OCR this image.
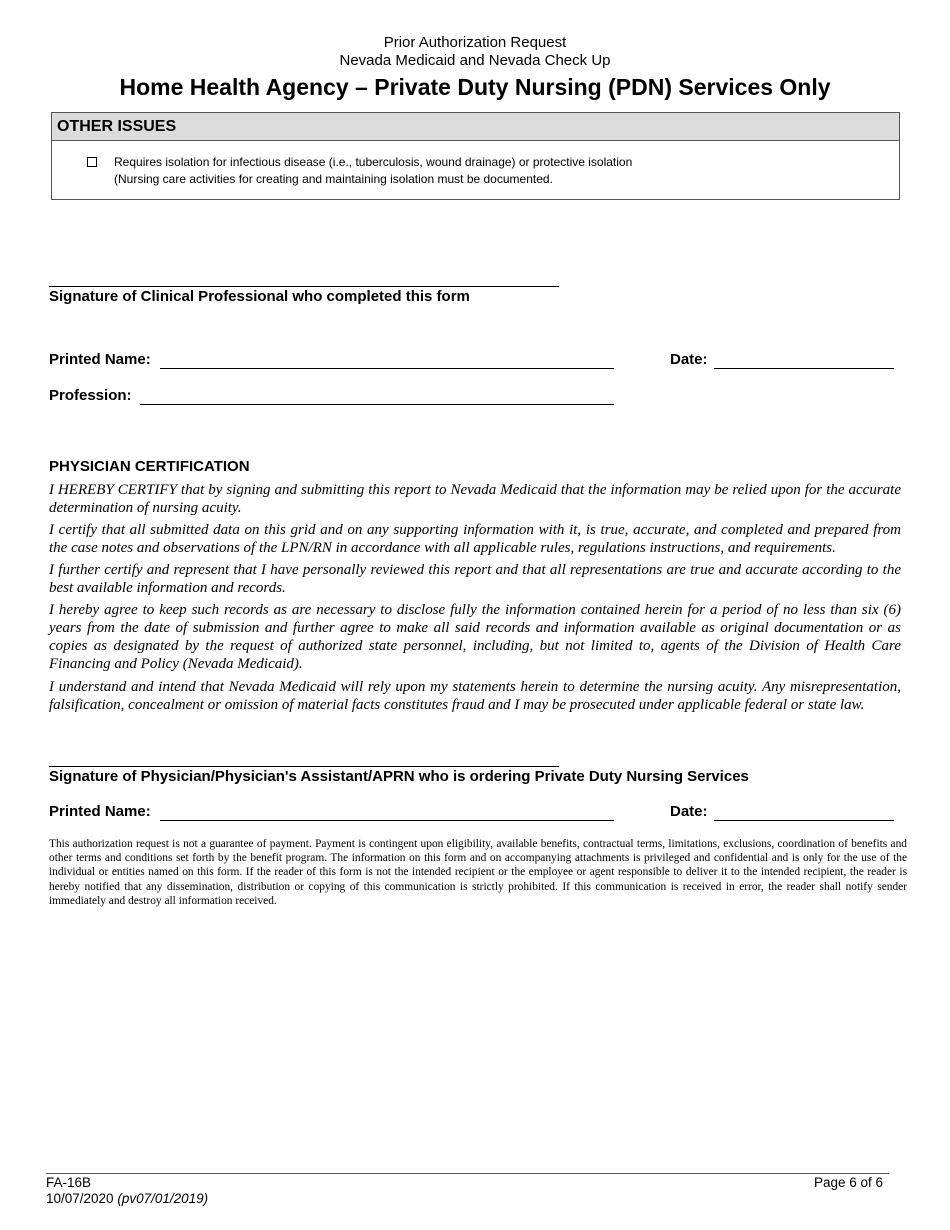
Prior Authorization Request
Nevada Medicaid and Nevada Check Up
Home Health Agency – Private Duty Nursing (PDN) Services Only
OTHER ISSUES
Requires isolation for infectious disease (i.e., tuberculosis, wound drainage) or protective isolation
(Nursing care activities for creating and maintaining isolation must be documented.
Signature of Clinical Professional who completed this form
Printed Name:	Date:
Profession:
PHYSICIAN CERTIFICATION
I HEREBY CERTIFY that by signing and submitting this report to Nevada Medicaid that the information may be relied upon for the accurate determination of nursing acuity.
I certify that all submitted data on this grid and on any supporting information with it, is true, accurate, and completed and prepared from the case notes and observations of the LPN/RN in accordance with all applicable rules, regulations instructions, and requirements.
I further certify and represent that I have personally reviewed this report and that all representations are true and accurate according to the best available information and records.
I hereby agree to keep such records as are necessary to disclose fully the information contained herein for a period of no less than six (6) years from the date of submission and further agree to make all said records and information available as original documentation or as copies as designated by the request of authorized state personnel, including, but not limited to, agents of the Division of Health Care Financing and Policy (Nevada Medicaid).
I understand and intend that Nevada Medicaid will rely upon my statements herein to determine the nursing acuity. Any misrepresentation, falsification, concealment or omission of material facts constitutes fraud and I may be prosecuted under applicable federal or state law.
Signature of Physician/Physician's Assistant/APRN who is ordering Private Duty Nursing Services
Printed Name:	Date:
This authorization request is not a guarantee of payment. Payment is contingent upon eligibility, available benefits, contractual terms, limitations, exclusions, coordination of benefits and other terms and conditions set forth by the benefit program. The information on this form and on accompanying attachments is privileged and confidential and is only for the use of the individual or entities named on this form. If the reader of this form is not the intended recipient or the employee or agent responsible to deliver it to the intended recipient, the reader is hereby notified that any dissemination, distribution or copying of this communication is strictly prohibited. If this communication is received in error, the reader shall notify sender immediately and destroy all information received.
FA-16B
10/07/2020 (pv07/01/2019)
Page 6 of 6
